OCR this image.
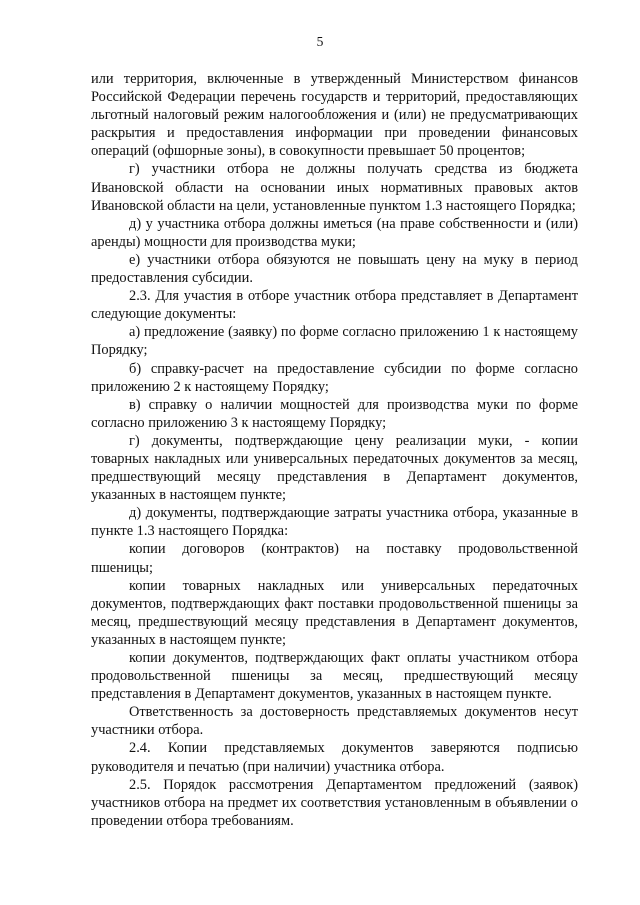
5

или территория, включенные в утвержденный Министерством финансов Российской Федерации перечень государств и территорий, предоставляющих льготный налоговый режим налогообложения и (или) не предусматривающих раскрытия и предоставления информации при проведении финансовых операций (офшорные зоны), в совокупности превышает 50 процентов;

г) участники отбора не должны получать средства из бюджета Ивановской области на основании иных нормативных правовых актов Ивановской области на цели, установленные пунктом 1.3 настоящего Порядка;

д) у участника отбора должны иметься (на праве собственности и (или) аренды) мощности для производства муки;

е) участники отбора обязуются не повышать цену на муку в период предоставления субсидии.

2.3. Для участия в отборе участник отбора представляет в Департамент следующие документы:

а) предложение (заявку) по форме согласно приложению 1 к настоящему Порядку;

б) справку-расчет на предоставление субсидии по форме согласно приложению 2 к настоящему Порядку;

в) справку о наличии мощностей для производства муки по форме согласно приложению 3 к настоящему Порядку;

г) документы, подтверждающие цену реализации муки, - копии товарных накладных или универсальных передаточных документов за месяц, предшествующий месяцу представления в Департамент документов, указанных в настоящем пункте;

д) документы, подтверждающие затраты участника отбора, указанные в пункте 1.3 настоящего Порядка:

копии договоров (контрактов) на поставку продовольственной пшеницы;

копии товарных накладных или универсальных передаточных документов, подтверждающих факт поставки продовольственной пшеницы за месяц, предшествующий месяцу представления в Департамент документов, указанных в настоящем пункте;

копии документов, подтверждающих факт оплаты участником отбора продовольственной пшеницы за месяц, предшествующий месяцу представления в Департамент документов, указанных в настоящем пункте.

Ответственность за достоверность представляемых документов несут участники отбора.

2.4. Копии представляемых документов заверяются подписью руководителя и печатью (при наличии) участника отбора.

2.5. Порядок рассмотрения Департаментом предложений (заявок) участников отбора на предмет их соответствия установленным в объявлении о проведении отбора требованиям.
